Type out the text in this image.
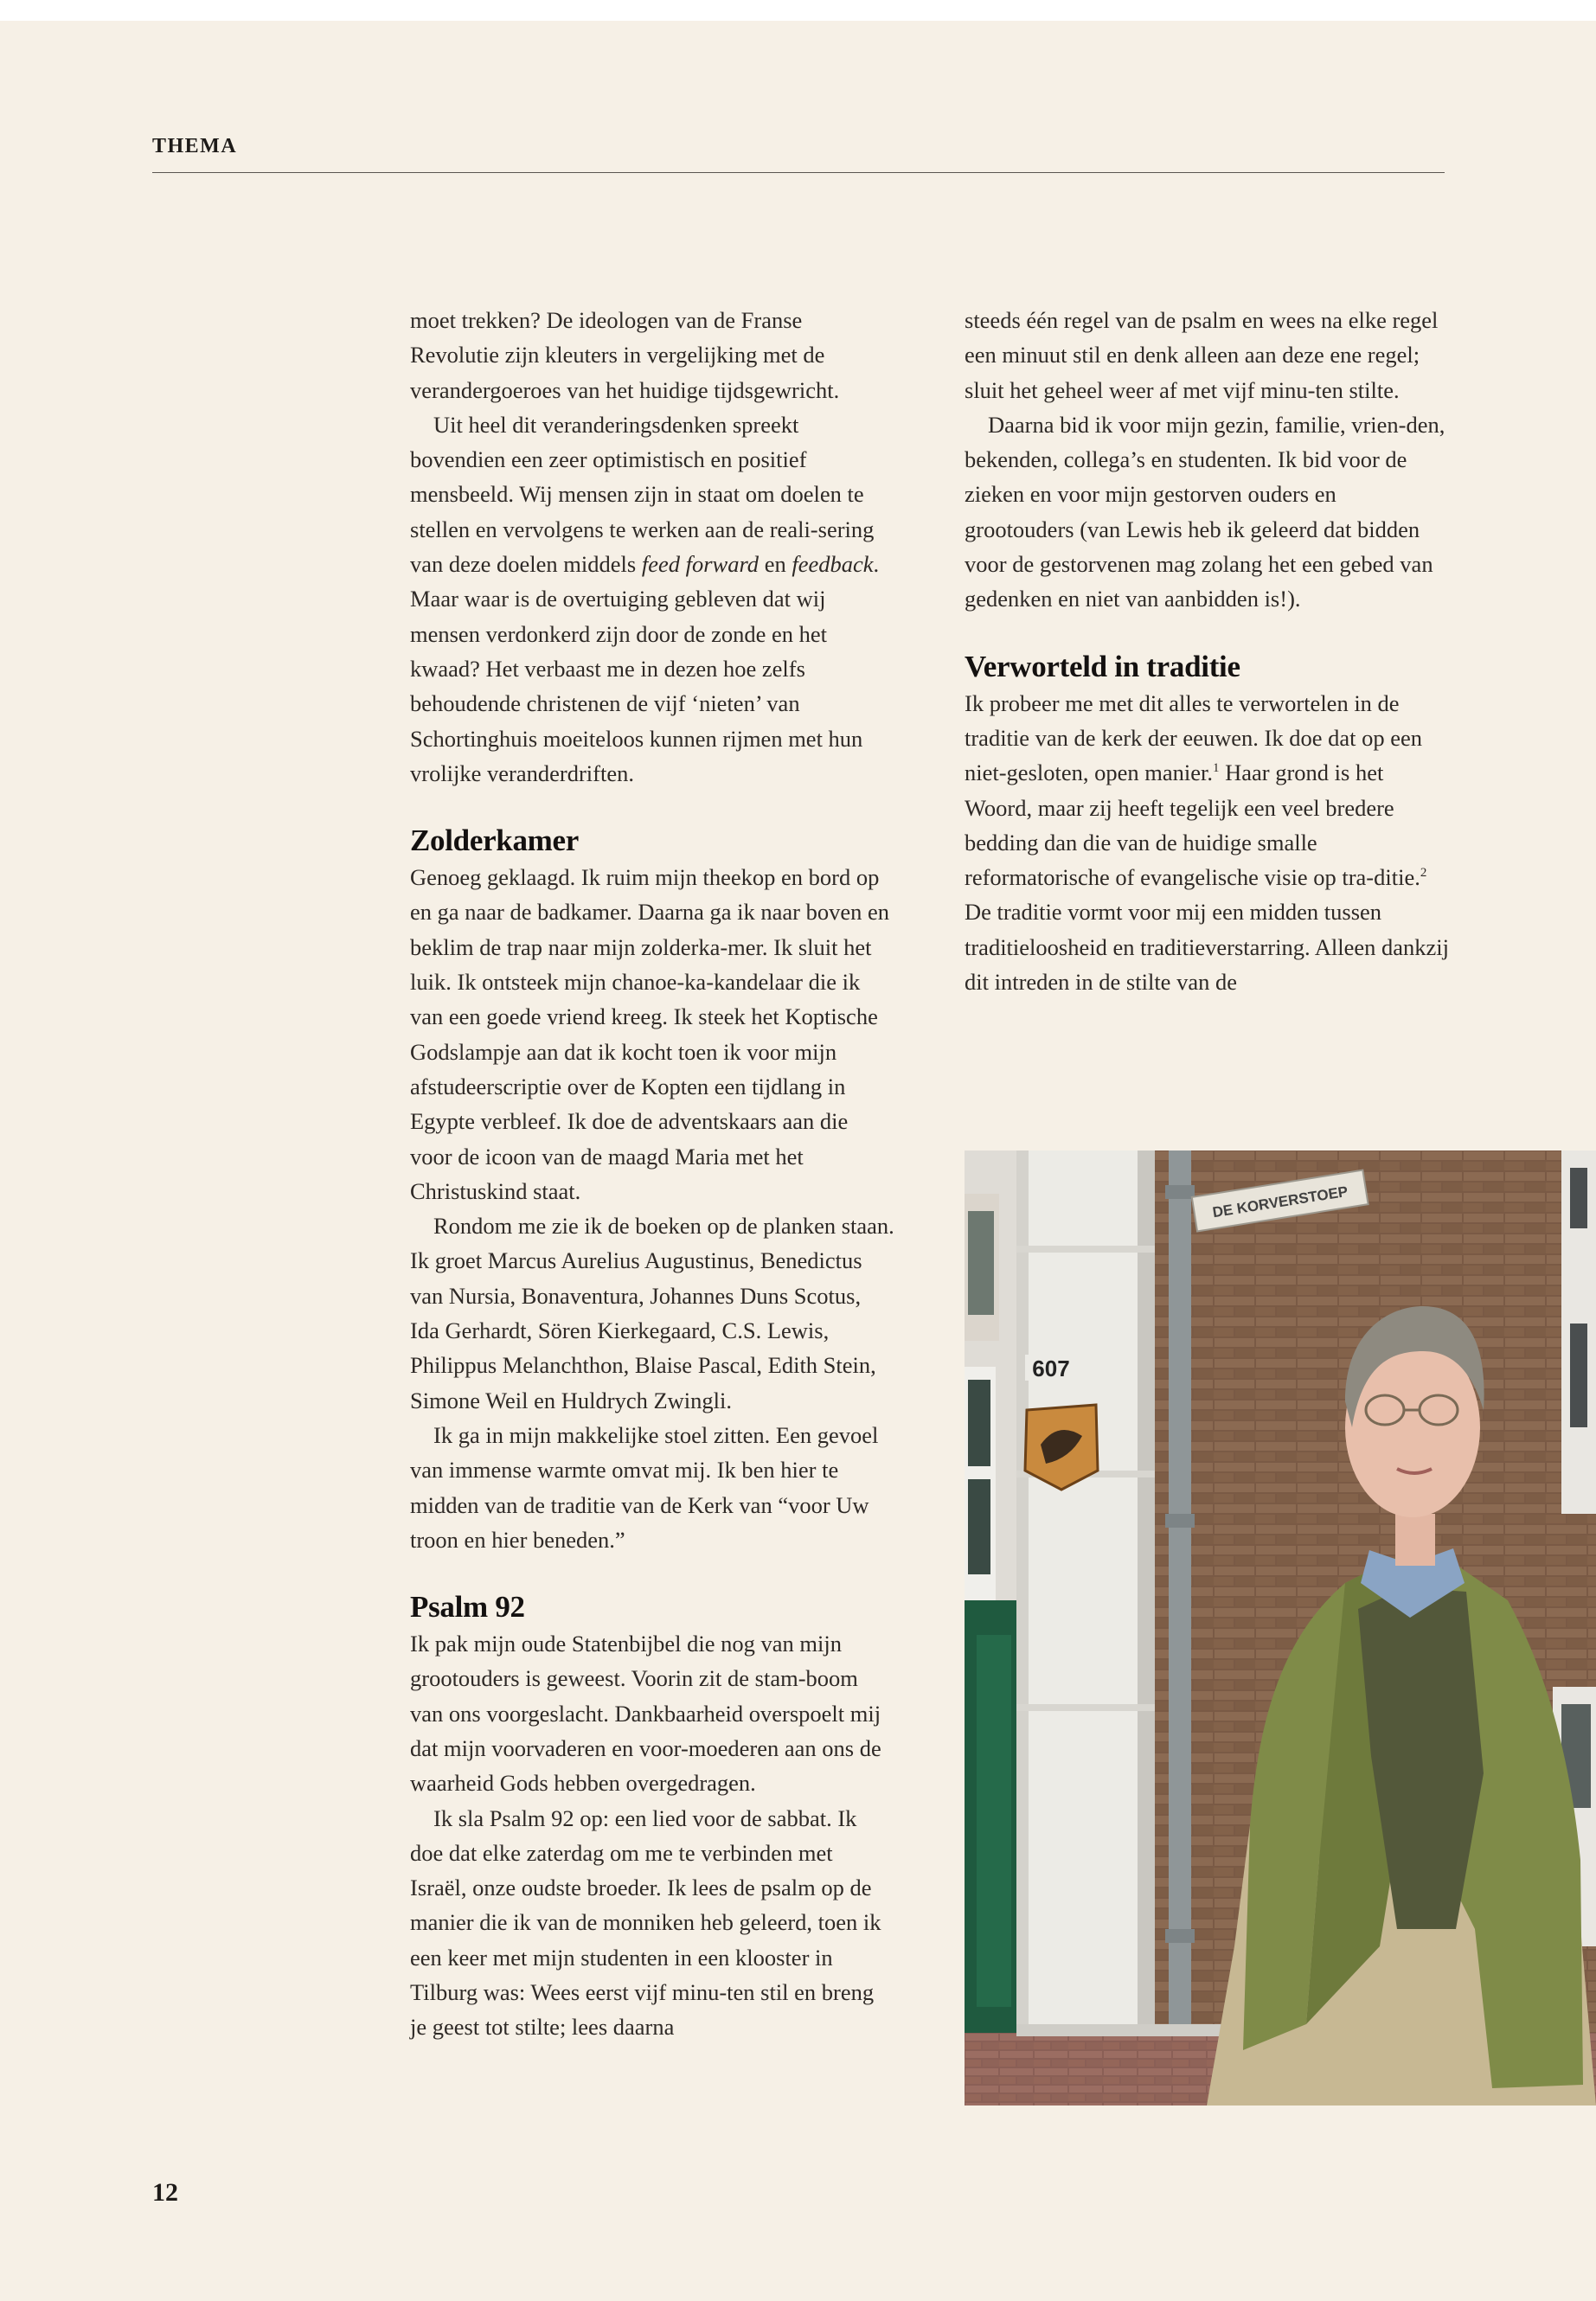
THEMA

moet trekken? De ideologen van de Franse Revolutie zijn kleuters in vergelijking met de verandergoeroes van het huidige tijdsgewricht.

Uit heel dit veranderingsdenken spreekt bovendien een zeer optimistisch en positief mensbeeld. Wij mensen zijn in staat om doelen te stellen en vervolgens te werken aan de reali-sering van deze doelen middels feed forward en feedback. Maar waar is de overtuiging gebleven dat wij mensen verdonkerd zijn door de zonde en het kwaad? Het verbaast me in dezen hoe zelfs behoudende christenen de vijf ‘nieten’ van Schortinghuis moeiteloos kunnen rijmen met hun vrolijke veranderdriften.

Zolderkamer

Genoeg geklaagd. Ik ruim mijn theekop en bord op en ga naar de badkamer. Daarna ga ik naar boven en beklim de trap naar mijn zolderka-mer. Ik sluit het luik. Ik ontsteek mijn chanoe-ka-kandelaar die ik van een goede vriend kreeg. Ik steek het Koptische Godslampje aan dat ik kocht toen ik voor mijn afstudeerscriptie over de Kopten een tijdlang in Egypte verbleef. Ik doe de adventskaars aan die voor de icoon van de maagd Maria met het Christuskind staat.

Rondom me zie ik de boeken op de planken staan. Ik groet Marcus Aurelius Augustinus, Benedictus van Nursia, Bonaventura, Johannes Duns Scotus, Ida Gerhardt, Sören Kierkegaard, C.S. Lewis, Philippus Melanchthon, Blaise Pascal, Edith Stein, Simone Weil en Huldrych Zwingli.

Ik ga in mijn makkelijke stoel zitten. Een gevoel van immense warmte omvat mij. Ik ben hier te midden van de traditie van de Kerk van “voor Uw troon en hier beneden.”

Psalm 92

Ik pak mijn oude Statenbijbel die nog van mijn grootouders is geweest. Voorin zit de stam-boom van ons voorgeslacht. Dankbaarheid overspoelt mij dat mijn voorvaderen en voor-moederen aan ons de waarheid Gods hebben overgedragen.

Ik sla Psalm 92 op: een lied voor de sabbat. Ik doe dat elke zaterdag om me te verbinden met Israël, onze oudste broeder. Ik lees de psalm op de manier die ik van de monniken heb geleerd, toen ik een keer met mijn studenten in een klooster in Tilburg was: Wees eerst vijf minu-ten stil en breng je geest tot stilte; lees daarna

steeds één regel van de psalm en wees na elke regel een minuut stil en denk alleen aan deze ene regel; sluit het geheel weer af met vijf minu-ten stilte.

Daarna bid ik voor mijn gezin, familie, vrien-den, bekenden, collega’s en studenten. Ik bid voor de zieken en voor mijn gestorven ouders en grootouders (van Lewis heb ik geleerd dat bidden voor de gestorvenen mag zolang het een gebed van gedenken en niet van aanbidden is!).

Verworteld in traditie

Ik probeer me met dit alles te verwortelen in de traditie van de kerk der eeuwen. Ik doe dat op een niet-gesloten, open manier.$^1$ Haar grond is het Woord, maar zij heeft tegelijk een veel bredere bedding dan die van de huidige smalle reformatorische of evangelische visie op tra-ditie.$^2$ De traditie vormt voor mij een midden tussen traditieloosheid en traditieverstarring. Alleen dankzij dit intreden in de stilte van de

DE KORVERSTOEP
607
12
